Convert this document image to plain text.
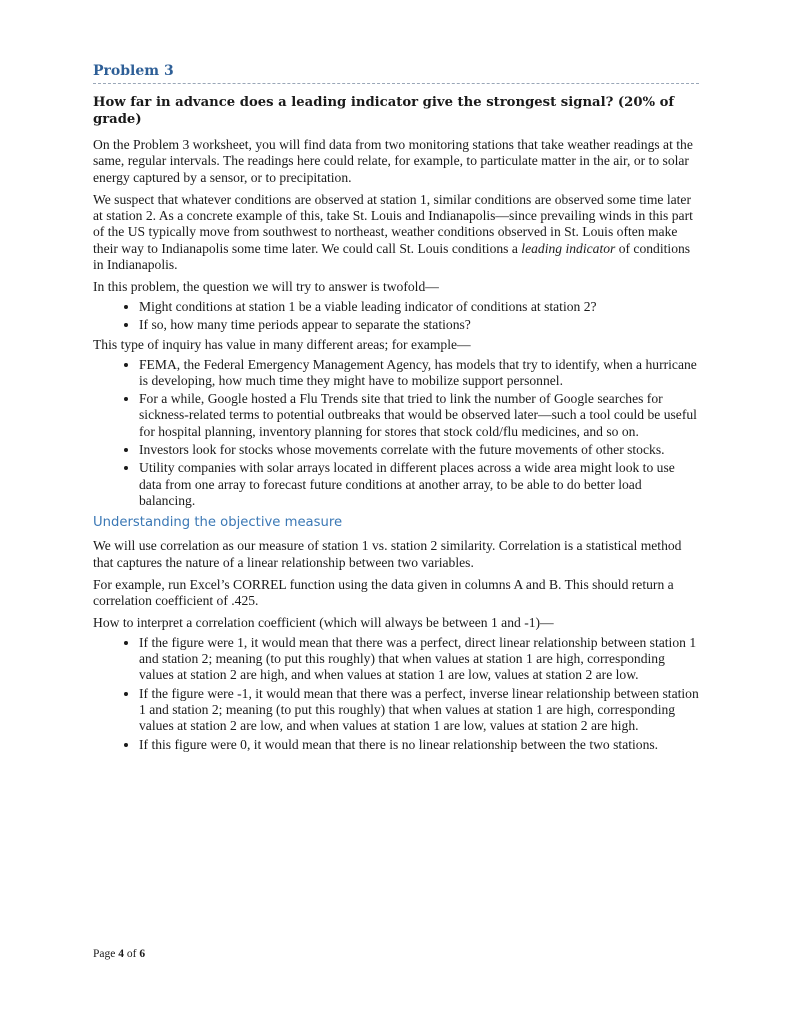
Problem 3
How far in advance does a leading indicator give the strongest signal? (20% of grade)

On the Problem 3 worksheet, you will find data from two monitoring stations that take weather readings at the same, regular intervals. The readings here could relate, for example, to particulate matter in the air, or to solar energy captured by a sensor, or to precipitation.

We suspect that whatever conditions are observed at station 1, similar conditions are observed some time later at station 2. As a concrete example of this, take St. Louis and Indianapolis—since prevailing winds in this part of the US typically move from southwest to northeast, weather conditions observed in St. Louis often make their way to Indianapolis some time later. We could call St. Louis conditions a leading indicator of conditions in Indianapolis.

In this problem, the question we will try to answer is twofold—

• Might conditions at station 1 be a viable leading indicator of conditions at station 2?
• If so, how many time periods appear to separate the stations?

This type of inquiry has value in many different areas; for example—

• FEMA, the Federal Emergency Management Agency, has models that try to identify, when a hurricane is developing, how much time they might have to mobilize support personnel.
• For a while, Google hosted a Flu Trends site that tried to link the number of Google searches for sickness-related terms to potential outbreaks that would be observed later—such a tool could be useful for hospital planning, inventory planning for stores that stock cold/flu medicines, and so on.
• Investors look for stocks whose movements correlate with the future movements of other stocks.
• Utility companies with solar arrays located in different places across a wide area might look to use data from one array to forecast future conditions at another array, to be able to do better load balancing.
Understanding the objective measure

We will use correlation as our measure of station 1 vs. station 2 similarity. Correlation is a statistical method that captures the nature of a linear relationship between two variables.

For example, run Excel’s CORREL function using the data given in columns A and B. This should return a correlation coefficient of .425.

How to interpret a correlation coefficient (which will always be between 1 and -1)—

• If the figure were 1, it would mean that there was a perfect, direct linear relationship between station 1 and station 2; meaning (to put this roughly) that when values at station 1 are high, corresponding values at station 2 are high, and when values at station 1 are low, values at station 2 are low.
• If the figure were -1, it would mean that there was a perfect, inverse linear relationship between station 1 and station 2; meaning (to put this roughly) that when values at station 1 are high, corresponding values at station 2 are low, and when values at station 1 are low, values at station 2 are high.
• If this figure were 0, it would mean that there is no linear relationship between the two stations.
Page 4 of 6
